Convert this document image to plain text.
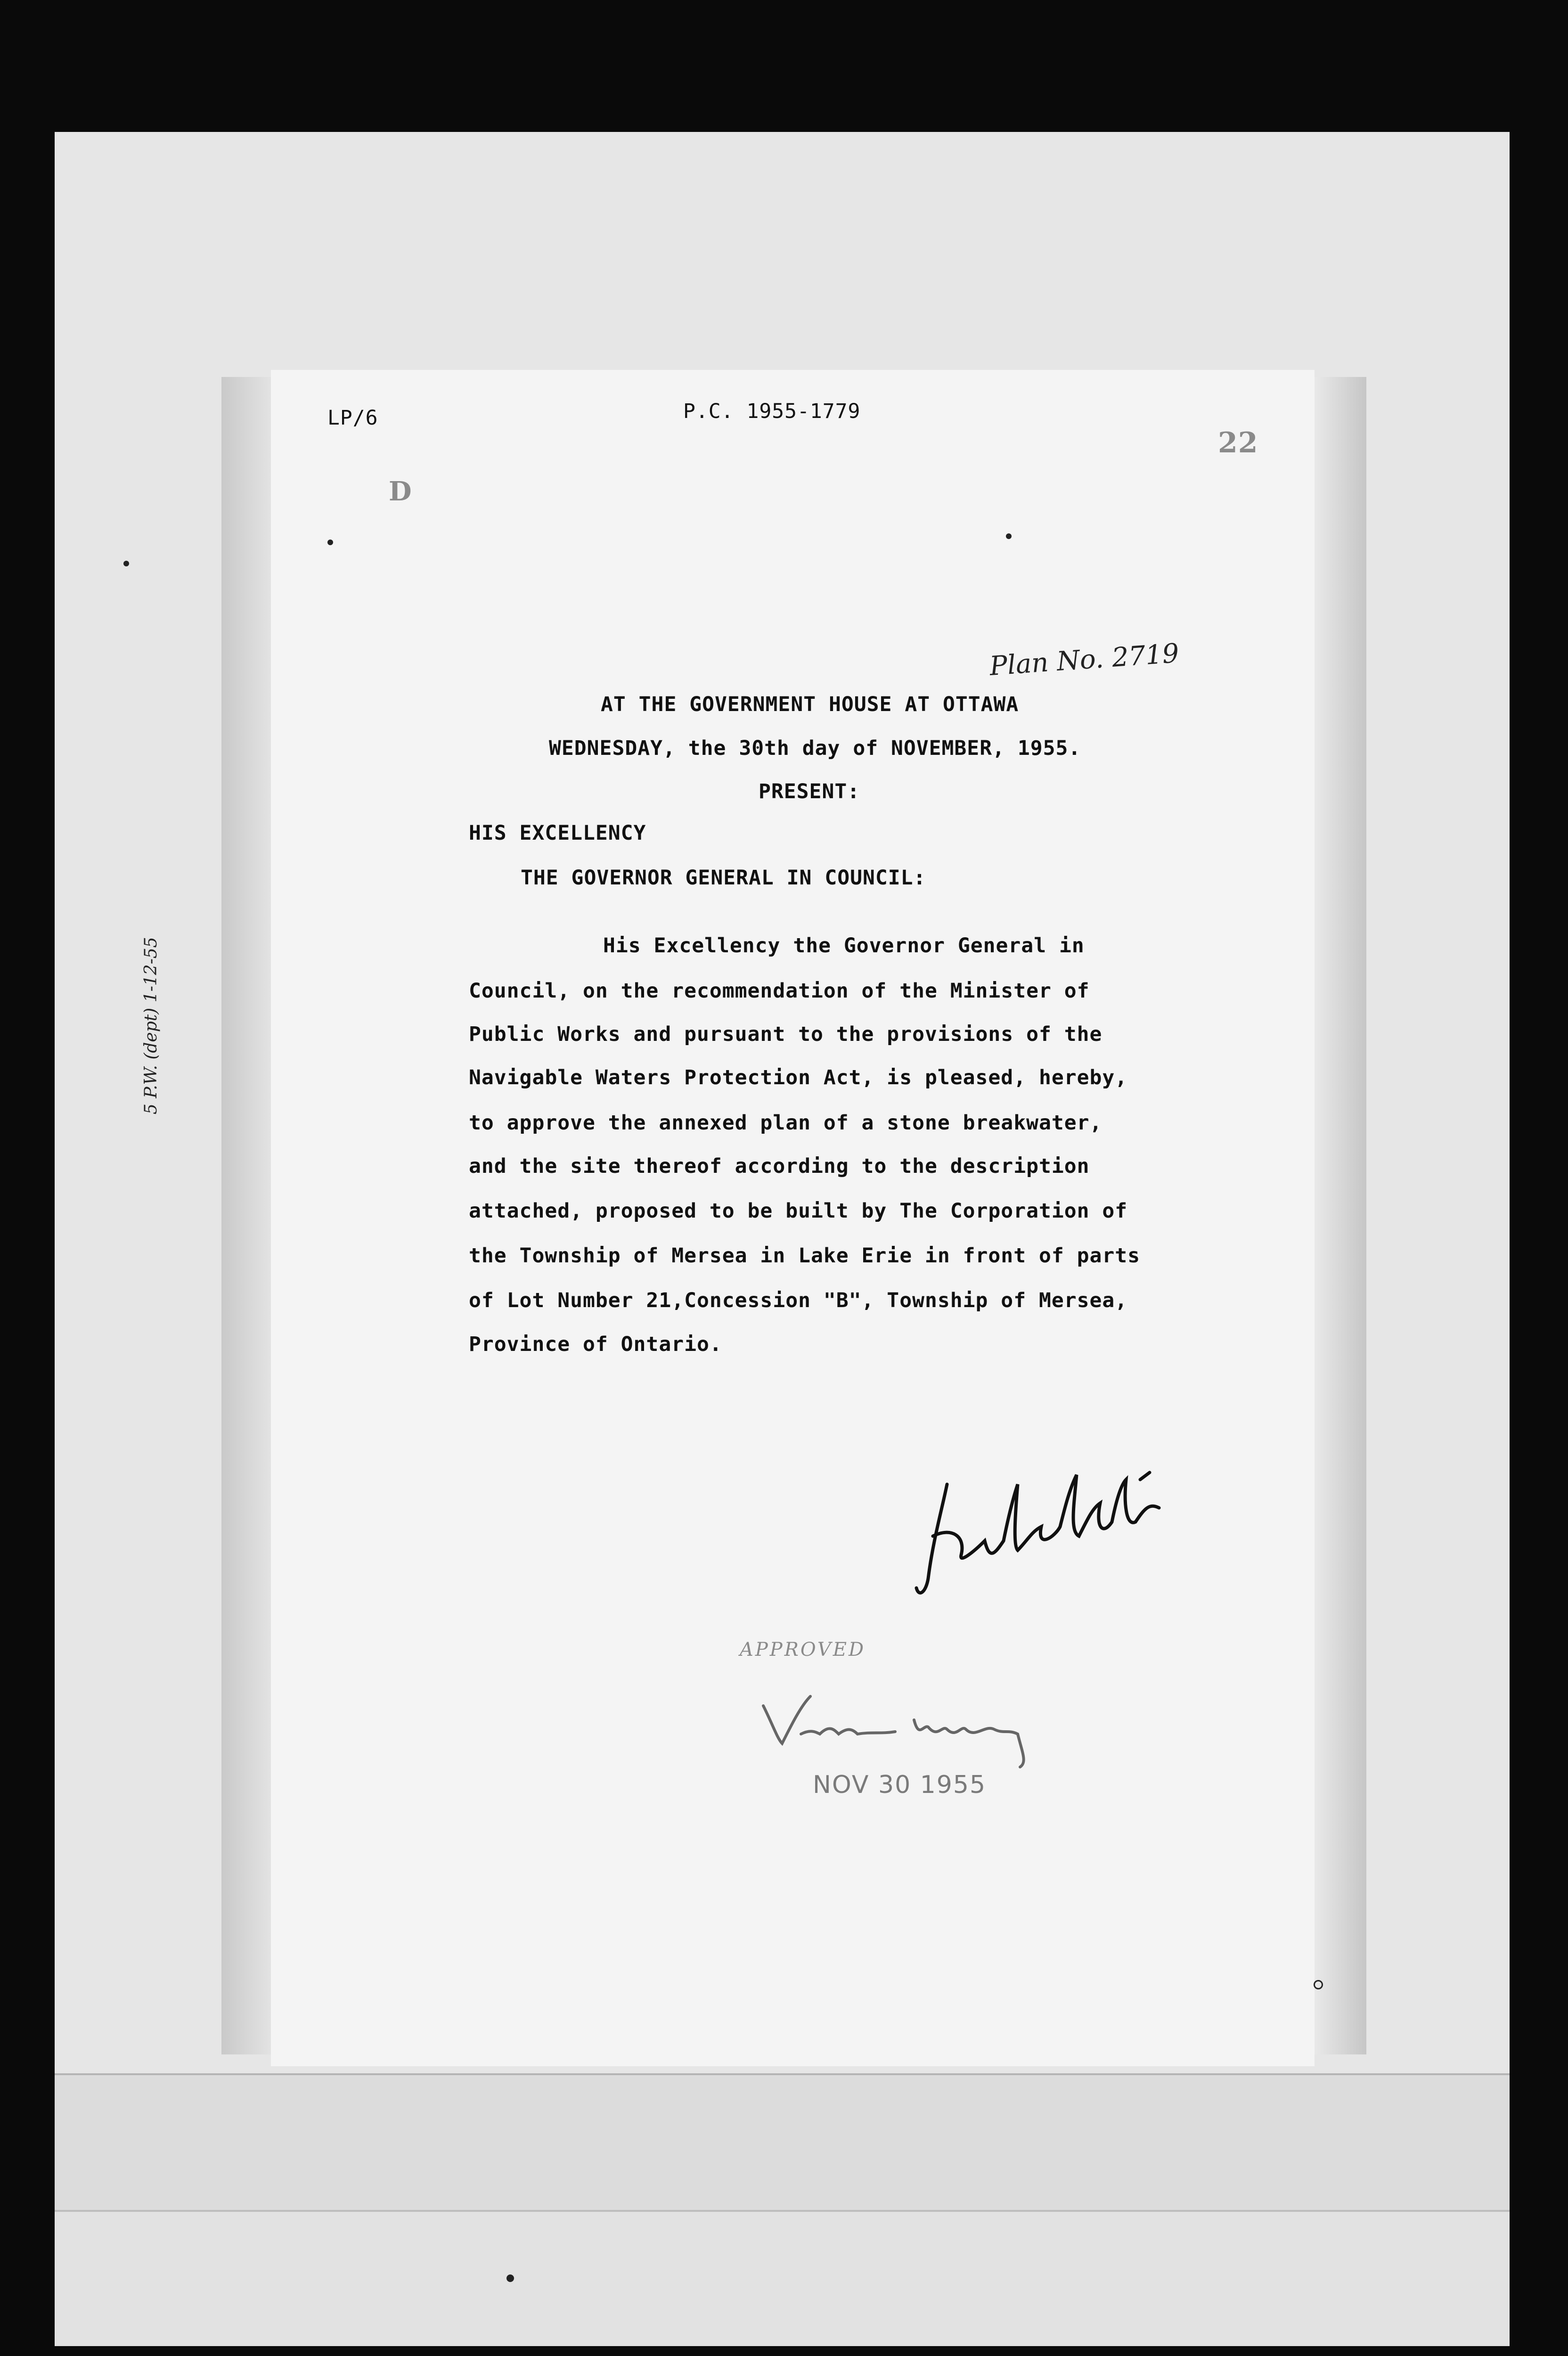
LP/6	P.C. 1955-1779
22
D
Plan No. 2719
5 P.W. (dept) 1-12-55
AT THE GOVERNMENT HOUSE AT OTTAWA
WEDNESDAY, the 30th day of NOVEMBER, 1955.
PRESENT:
HIS EXCELLENCY
THE GOVERNOR GENERAL IN COUNCIL:
His Excellency the Governor General in
Council, on the recommendation of the Minister of
Public Works and pursuant to the provisions of the
Navigable Waters Protection Act, is pleased, hereby,
to approve the annexed plan of a stone breakwater,
and the site thereof according to the description
attached, proposed to be built by The Corporation of
the Township of Mersea in Lake Erie in front of parts
of Lot Number 21,Concession "B", Township of Mersea,
Province of Ontario.
APPROVED
NOV 30 1955
